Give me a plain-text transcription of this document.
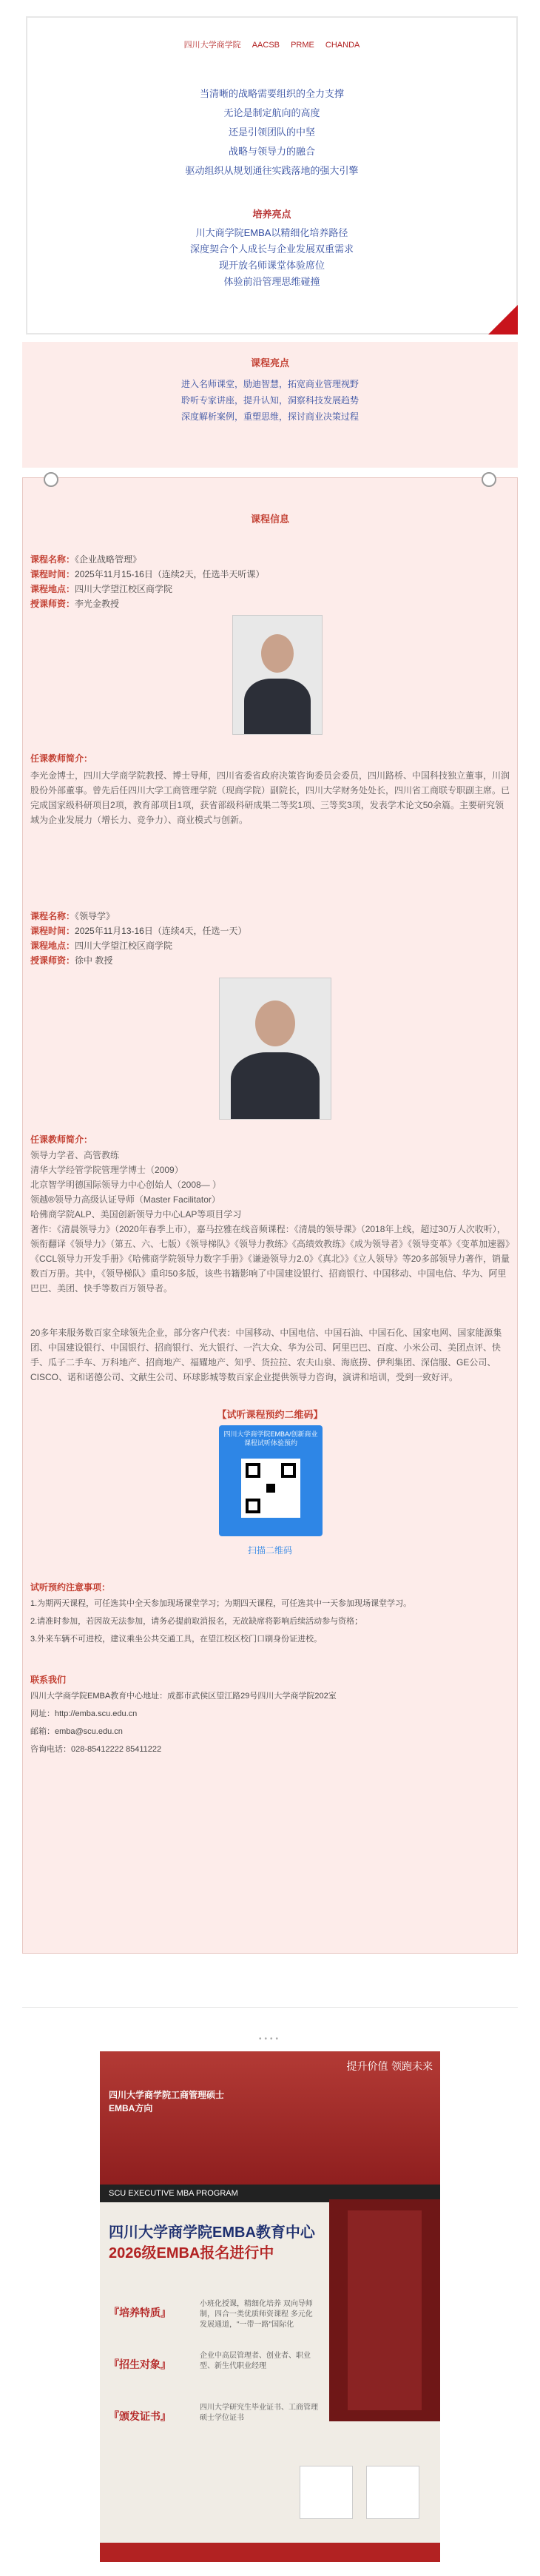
四川大学商学院 AACSB PRME CHANDA
当清晰的战略需要组织的全力支撑
无论是制定航向的高度
还是引领团队的中坚
战略与领导力的融合
驱动组织从规划通往实践落地的强大引擎
培养亮点
川大商学院EMBA以精细化培养路径
深度契合个人成长与企业发展双重需求
现开放名师课堂体验席位
体验前沿管理思维碰撞
课程亮点
进入名师课堂，励迪智慧，拓宽商业管理视野
聆听专家讲座，提升认知，洞察科技发展趋势
深度解析案例，重塑思维，探讨商业决策过程
课程信息
课程名称：《企业战略管理》
课程时间：2025年11月15-16日（连续2天，任选半天听课）
课程地点：四川大学望江校区商学院
授课师资：李光金教授
任课教师简介：
李光金博士，四川大学商学院教授、博士导师，四川省委省政府决策咨询委员会委员，四川路桥、中国科技独立董事，川润股份外部董事。曾先后任四川大学工商管理学院（现商学院）副院长，四川大学财务处处长，四川省工商联专职副主席。已完成国家级科研项目2项，教育部项目1项，获省部级科研成果二等奖1项、三等奖3项，发表学术论文50余篇。主要研究领域为企业发展力（增长力、竞争力）、商业模式与创新。
课程名称：《领导学》
课程时间：2025年11月13-16日（连续4天，任选一天）
课程地点：四川大学望江校区商学院
授课师资：徐中 教授
任课教师简介：
领导力学者、高管教练
清华大学经管学院管理学博士（2009）
北京智学明德国际领导力中心创始人（2008— ）
领越®领导力高级认证导师（Master Facilitator）
哈佛商学院ALP、美国创新领导力中心LAP等项目学习
著作：《清晨领导力》（2020年春季上市），嘉马拉雅在线音频课程：《清晨的领导课》（2018年上线，超过30万人次收听），领衔翻译《领导力》（第五、六、七版）《领导梯队》《领导力教练》《高绩效教练》《成为领导者》《领导变革》《变革加速器》《CCL领导力开发手册》《哈佛商学院领导力数字手册》《谦逊领导力2.0》《真北》》《立人领导》等20多部领导力著作，销量数百万册。其中，《领导梯队》重印50多版，该些书籍影响了中国建设银行、招商银行、中国移动、中国电信、华为、阿里巴巴、美团、快手等数百万领导者。
20多年来服务数百家全球领先企业，部分客户代表：中国移动、中国电信、中国石油、中国石化、国家电网、国家能源集团、中国建设银行、中国银行、招商银行、光大银行、一汽大众、华为公司、阿里巴巴、百度、小米公司、美团点评、快手、瓜子二手车、万科地产、招商地产、福耀地产、知乎、货拉拉、农夫山泉、海底捞、伊利集团、深信服、GE公司、CISCO、诺和诺德公司、文献生公司、环球影城等数百家企业提供领导力咨询，演讲和培训，受到一致好评。
【试听课程预约二维码】
四川大学商学院EMBA/创新商业课程试听体验预约
扫描二维码
试听预约注意事项：
1.为期两天课程，可任选其中全天参加现场课堂学习；为期四天课程，可任选其中一天参加现场课堂学习。
2.请准时参加，若因故无法参加，请务必提前取消报名，无故缺席将影响后续活动参与资格；
3.外来车辆不可进校，建议乘坐公共交通工具，在望江校区校门口刷身份证进校。
联系我们
四川大学商学院EMBA教育中心地址：成都市武侯区望江路29号四川大学商学院202室
网址：http://emba.scu.edu.cn
邮箱：emba@scu.edu.cn
咨询电话：028-85412222 85411222
••••
提升价值 领跑未来
四川大学商学院工商管理硕士
EMBA方向
SCU EXECUTIVE MBA PROGRAM
四川大学商学院EMBA教育中心
2026级EMBA报名进行中
『培养特质』
『招生对象』
『颁发证书』
小班化授课，精细化培养 双向导师制，四合一类优质师资课程 多元化发展通道，"一带一路"国际化
企业中高层管理者、创业者、职业型、新生代职业经理
四川大学研究生毕业证书、工商管理硕士学位证书
